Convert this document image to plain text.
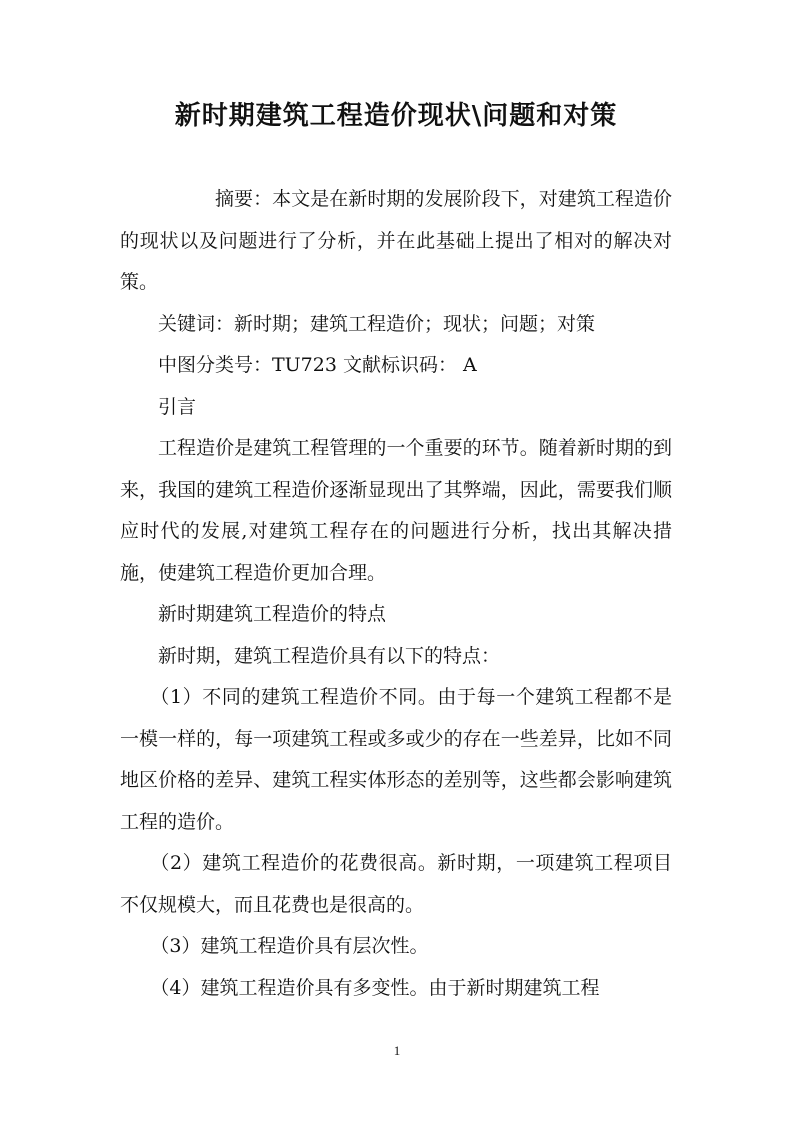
新时期建筑工程造价现状\问题和对策

摘要：本文是在新时期的发展阶段下，对建筑工程造价的现状以及问题进行了分析，并在此基础上提出了相对的解决对策。

关键词：新时期；建筑工程造价；现状；问题；对策

中图分类号：TU723 文献标识码： A

引言

工程造价是建筑工程管理的一个重要的环节。随着新时期的到来，我国的建筑工程造价逐渐显现出了其弊端，因此，需要我们顺应时代的发展,对建筑工程存在的问题进行分析，找出其解决措施，使建筑工程造价更加合理。

新时期建筑工程造价的特点

新时期，建筑工程造价具有以下的特点：

（1）不同的建筑工程造价不同。由于每一个建筑工程都不是一模一样的，每一项建筑工程或多或少的存在一些差异，比如不同地区价格的差异、建筑工程实体形态的差别等，这些都会影响建筑工程的造价。

（2）建筑工程造价的花费很高。新时期，一项建筑工程项目不仅规模大，而且花费也是很高的。

（3）建筑工程造价具有层次性。

（4）建筑工程造价具有多变性。由于新时期建筑工程

1
